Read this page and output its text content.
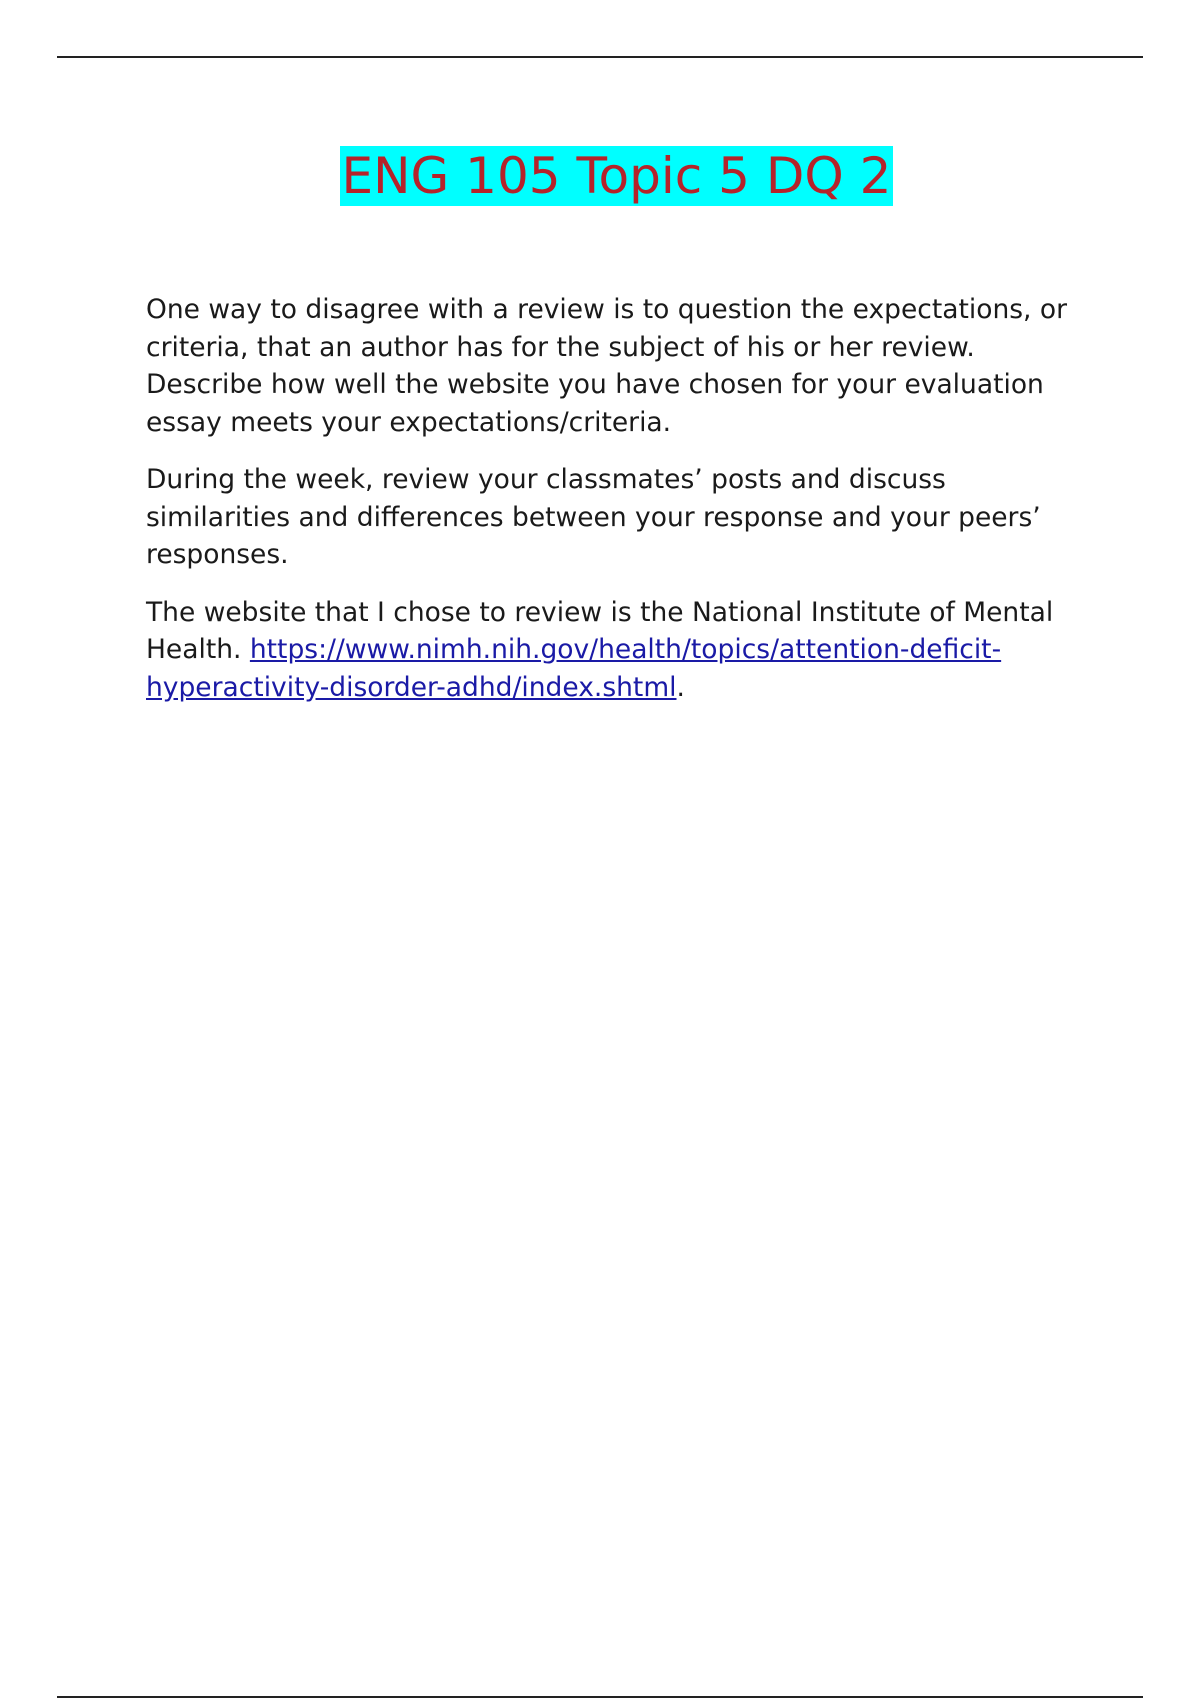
ENG 105 Topic 5 DQ 2

One way to disagree with a review is to question the expectations, or criteria, that an author has for the subject of his or her review. Describe how well the website you have chosen for your evaluation essay meets your expectations/criteria.

During the week, review your classmates’ posts and discuss similarities and differences between your response and your peers’ responses.

The website that I chose to review is the National Institute of Mental Health. https://www.nimh.nih.gov/health/topics/attention-deficit-hyperactivity-disorder-adhd/index.shtml.
